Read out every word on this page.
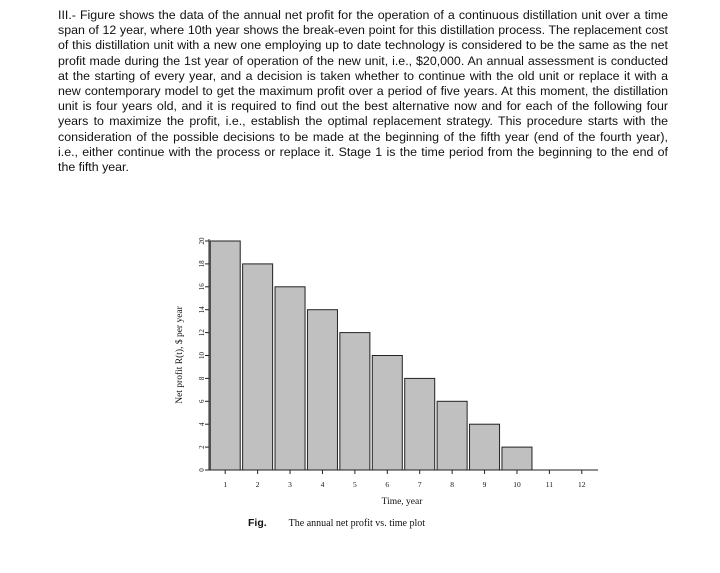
III.- Figure shows the data of the annual net profit for the operation of a continuous distillation unit over a time span of 12 year, where 10th year shows the break-even point for this distillation process. The replacement cost of this distillation unit with a new one employing up to date technology is considered to be the same as the net profit made during the 1st year of operation of the new unit, i.e., $20,000. An annual assessment is conducted at the starting of every year, and a decision is taken whether to continue with the old unit or replace it with a new contemporary model to get the maximum profit over a period of five years. At this moment, the distillation unit is four years old, and it is required to find out the best alternative now and for each of the following four years to maximize the profit, i.e., establish the optimal replacement strategy. This procedure starts with the consideration of the possible decisions to be made at the beginning of the fifth year (end of the fourth year), i.e., either continue with the process or replace it. Stage 1 is the time period from the beginning to the end of the fifth year.

0
2
4
6
8
10
12
14
16
18
20
1	2	3	4	5	6	7	8	9	10	11	12
Net profit R(t), $ per year
Time, year
Fig. The annual net profit vs. time plot
